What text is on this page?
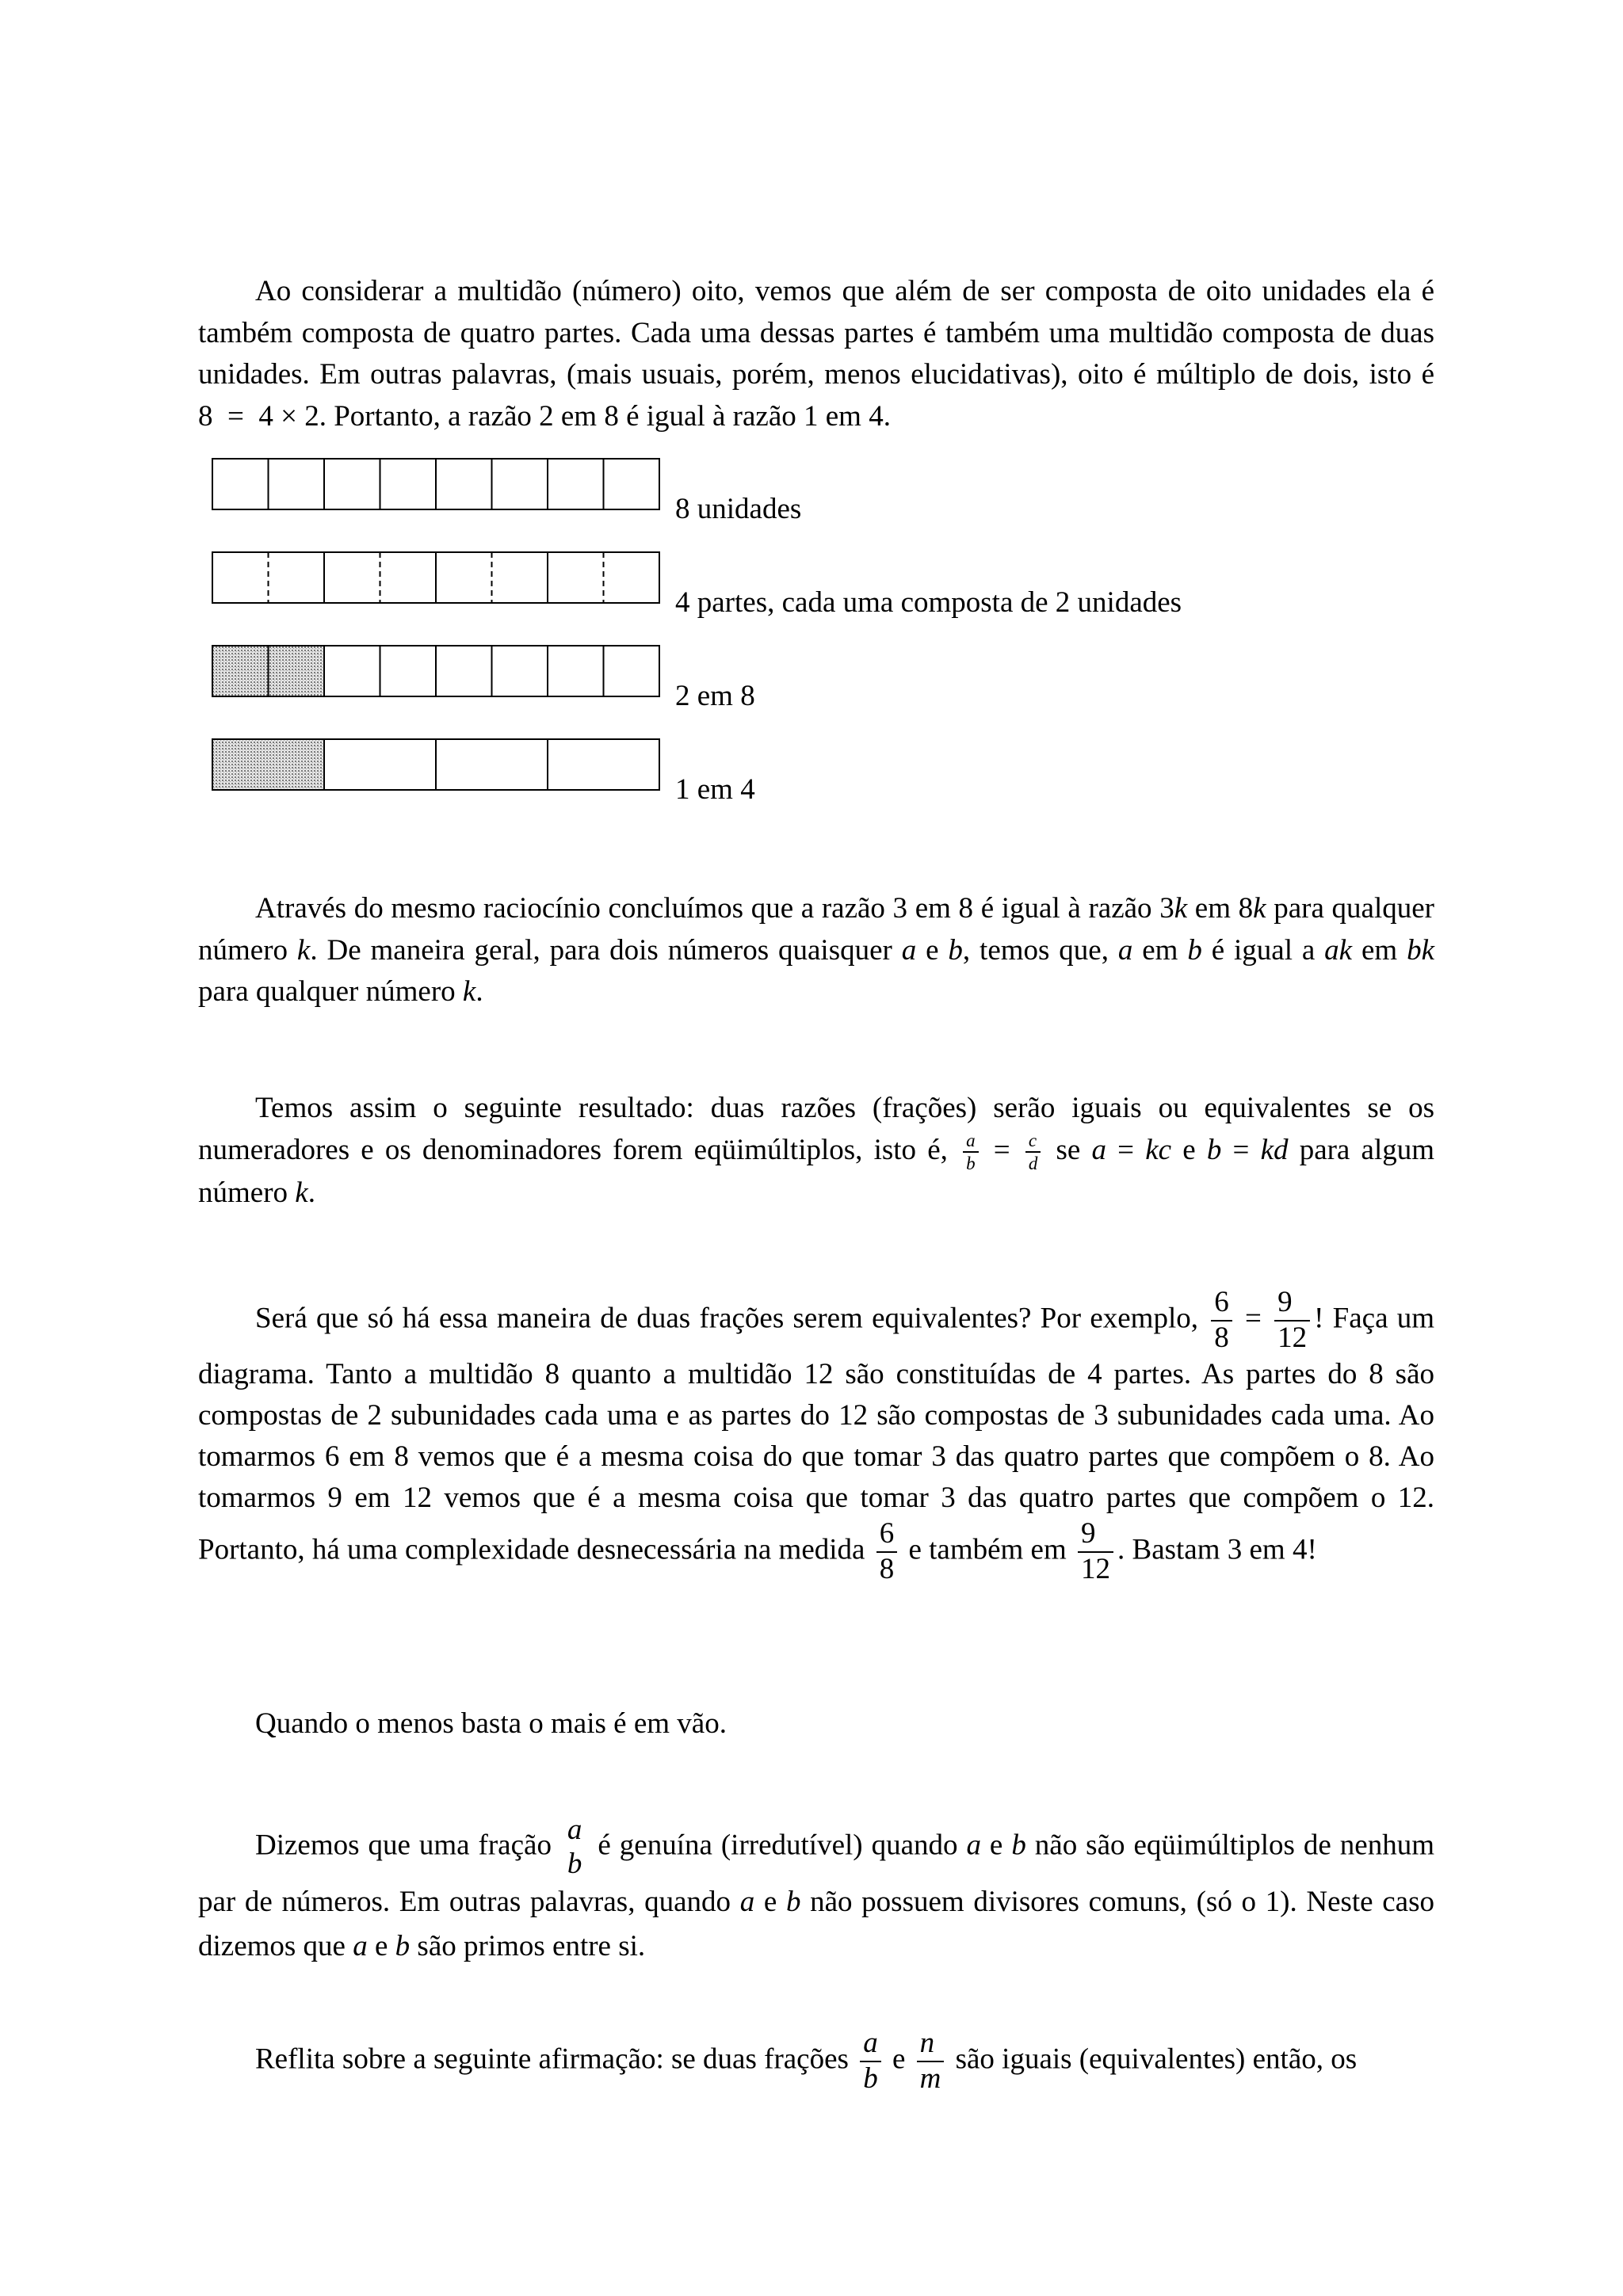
Ao considerar a multidão (número) oito, vemos que além de ser composta de oito unidades ela é também composta de quatro partes. Cada uma dessas partes é também uma multidão composta de duas unidades. Em outras palavras, (mais usuais, porém, menos elucidativas), oito é múltiplo de dois, isto é 8  =  4 × 2. Portanto, a razão 2 em 8 é igual à razão 1 em 4.

8 unidades
4 partes, cada uma composta de 2 unidades
2 em 8
1 em 4

Através do mesmo raciocínio concluímos que a razão 3 em 8 é igual à razão 3k em 8k para qualquer número k. De maneira geral, para dois números quaisquer a e b, temos que, a em b é igual a ak em bk para qualquer número k.

Temos assim o seguinte resultado: duas razões (frações) serão iguais ou equivalentes se os numeradores e os denominadores forem eqüimúltiplos, isto é, $\frac{a}{b} = \frac{c}{d}$ se a = kc e b = kd para algum número k.

Será que só há essa maneira de duas frações serem equivalentes? Por exemplo, $\frac{6}{8} = \frac{9}{12}$ ! Faça um diagrama. Tanto a multidão 8 quanto a multidão 12 são constituídas de 4 partes. As partes do 8 são compostas de 2 subunidades cada uma e as partes do 12 são compostas de 3 subunidades cada uma. Ao tomarmos 6 em 8 vemos que é a mesma coisa do que tomar 3 das quatro partes que compõem o 8. Ao tomarmos 9 em 12 vemos que é a mesma coisa que tomar 3 das quatro partes que compõem o 12. Portanto, há uma complexidade desnecessária na medida $\frac{6}{8}$ e também em $\frac{9}{12}$ . Bastam 3 em 4!

Quando o menos basta o mais é em vão.

Dizemos que uma fração a
b
é genuína (irredutível) quando a e b não são eqüimúltiplos de nenhum par de números. Em outras palavras, quando a e b não possuem divisores comuns, (só o 1). Neste caso dizemos que a e b são primos entre si.

Reflita sobre a seguinte afirmação: se duas frações $\frac{a}{b}$ e $\frac{n}{m}$ são iguais (equivalentes) então, os
